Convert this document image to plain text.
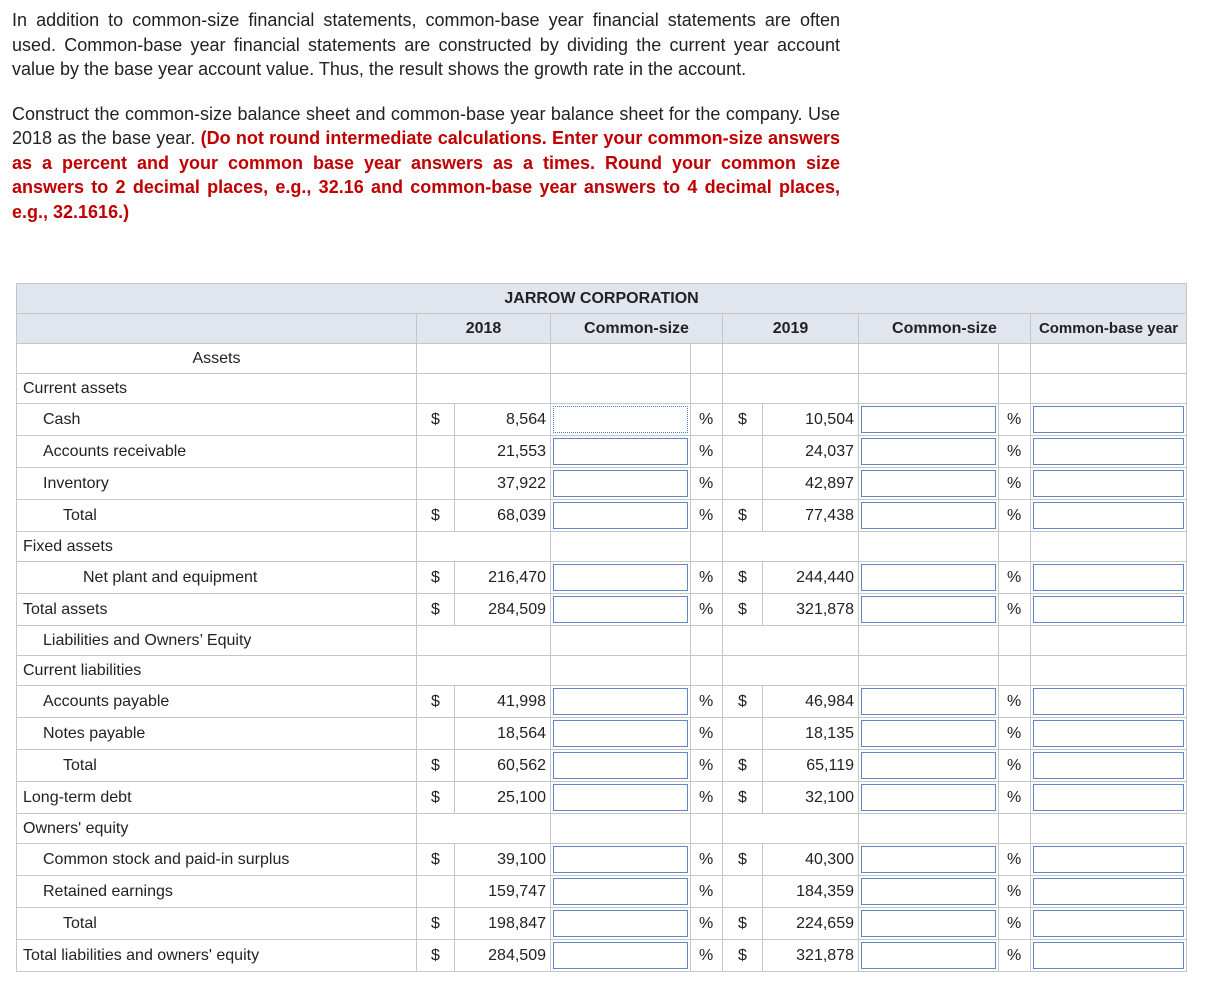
In addition to common-size financial statements, common-base year financial statements are often used. Common-base year financial statements are constructed by dividing the current year account value by the base year account value. Thus, the result shows the growth rate in the account.

Construct the common-size balance sheet and common-base year balance sheet for the company. Use 2018 as the base year. (Do not round intermediate calculations. Enter your common-size answers as a percent and your common base year answers as a times. Round your common size answers to 2 decimal places, e.g., 32.16 and common-base year answers to 4 decimal places, e.g., 32.1616.)

JARROW CORPORATION									
	2018		Common-size		2019		Common-size		Common-base year
Assets									
Current assets									
Cash	$	8,564		%	$	10,504		%	

Accounts receivable		21,553		%		24,037		%	

Inventory		37,922		%		42,897		%	

Total	$	68,039		%	$	77,438		%	

Fixed assets									
Net plant and equipment	$	216,470		%	$	244,440		%	

Total assets	$	284,509		%	$	321,878		%	

Liabilities and Owners’ Equity									
Current liabilities									
Accounts payable	$	41,998		%	$	46,984		%	

Notes payable		18,564		%		18,135		%	

Total	$	60,562		%	$	65,119		%	

Long-term debt	$	25,100		%	$	32,100		%	

Owners' equity									
Common stock and paid-in surplus	$	39,100		%	$	40,300		%	

Retained earnings		159,747		%		184,359		%	

Total	$	198,847		%	$	224,659		%	

Total liabilities and owners' equity	$	284,509		%	$	321,878		%	
